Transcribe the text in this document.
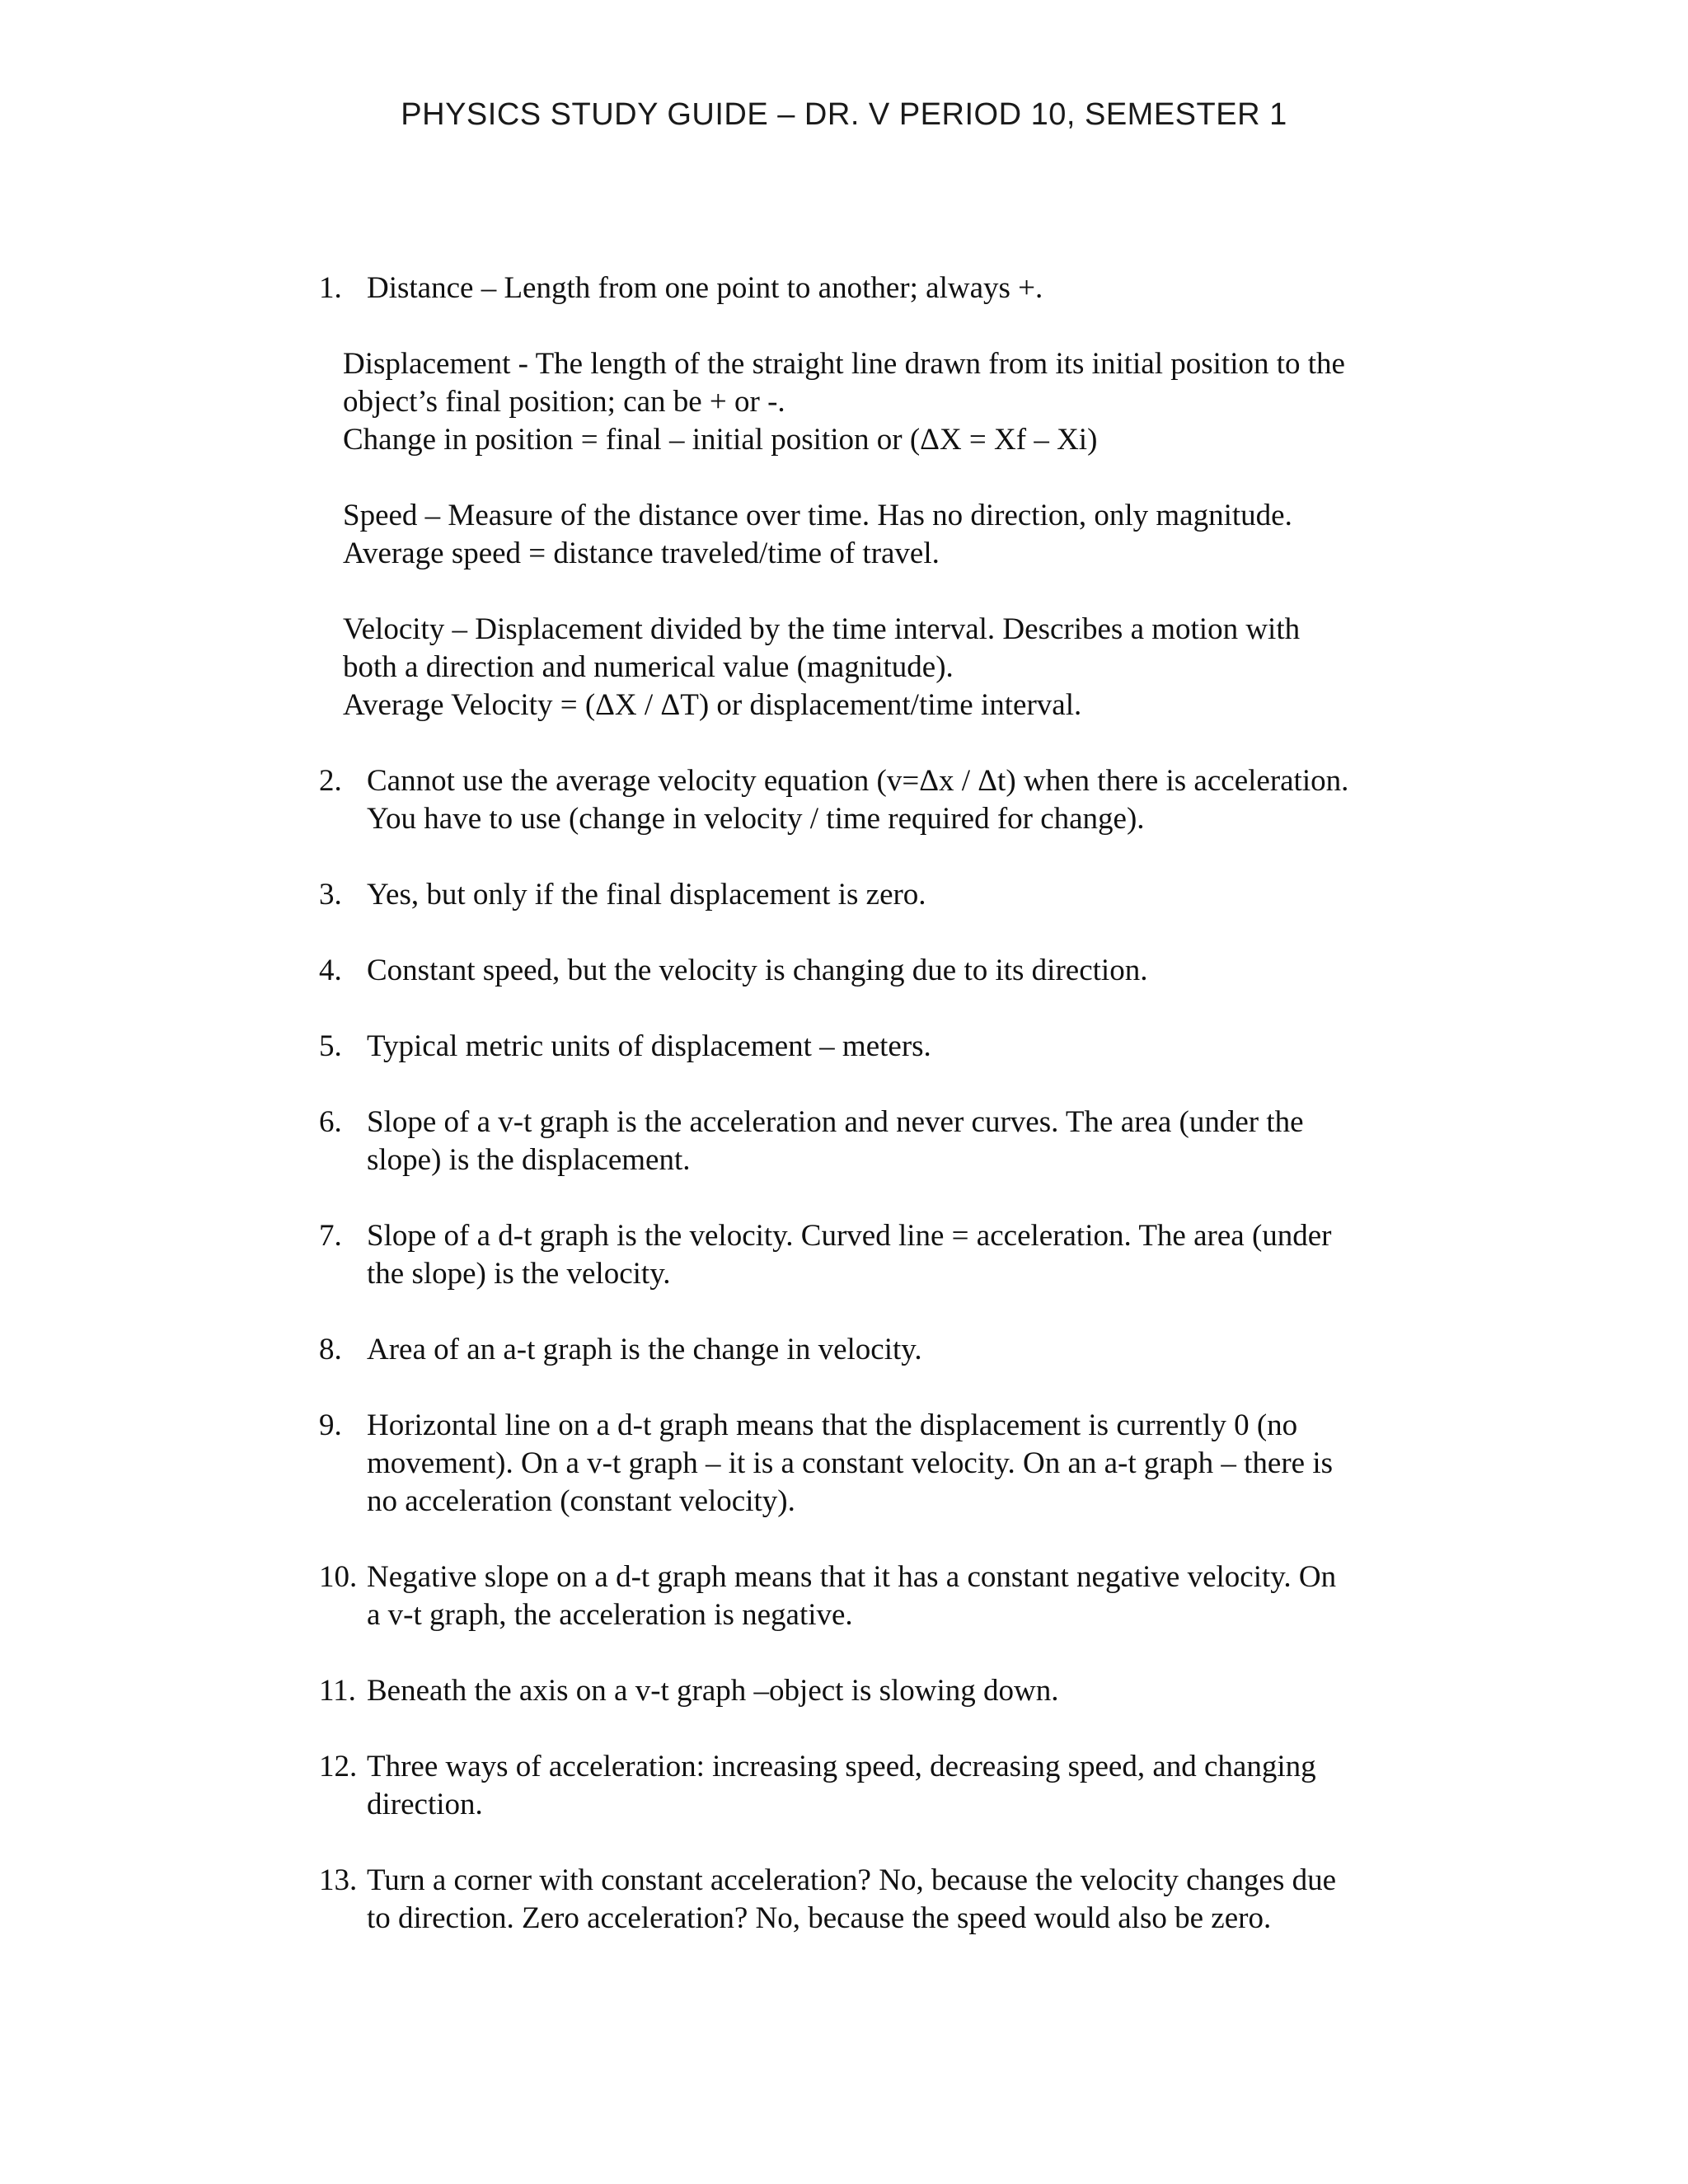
PHYSICS STUDY GUIDE – DR. V PERIOD 10, SEMESTER 1
1. Distance – Length from one point to another; always +.
Displacement - The length of the straight line drawn from its initial position to the
object’s final position; can be + or -.
Change in position = final – initial position or (ΔX = Xf – Xi)
Speed – Measure of the distance over time. Has no direction, only magnitude.
Average speed = distance traveled/time of travel.
Velocity – Displacement divided by the time interval. Describes a motion with
both a direction and numerical value (magnitude).
Average Velocity = (ΔX / ΔT) or displacement/time interval.
2. Cannot use the average velocity equation (v=Δx / Δt) when there is acceleration.
You have to use (change in velocity / time required for change).
3. Yes, but only if the final displacement is zero.
4. Constant speed, but the velocity is changing due to its direction.
5. Typical metric units of displacement – meters.
6. Slope of a v-t graph is the acceleration and never curves. The area (under the
slope) is the displacement.
7. Slope of a d-t graph is the velocity. Curved line = acceleration. The area (under
the slope) is the velocity.
8. Area of an a-t graph is the change in velocity.
9. Horizontal line on a d-t graph means that the displacement is currently 0 (no
movement). On a v-t graph – it is a constant velocity. On an a-t graph – there is
no acceleration (constant velocity).
10. Negative slope on a d-t graph means that it has a constant negative velocity. On
a v-t graph, the acceleration is negative.
11. Beneath the axis on a v-t graph –object is slowing down.
12. Three ways of acceleration: increasing speed, decreasing speed, and changing
direction.
13. Turn a corner with constant acceleration? No, because the velocity changes due
to direction. Zero acceleration? No, because the speed would also be zero.
